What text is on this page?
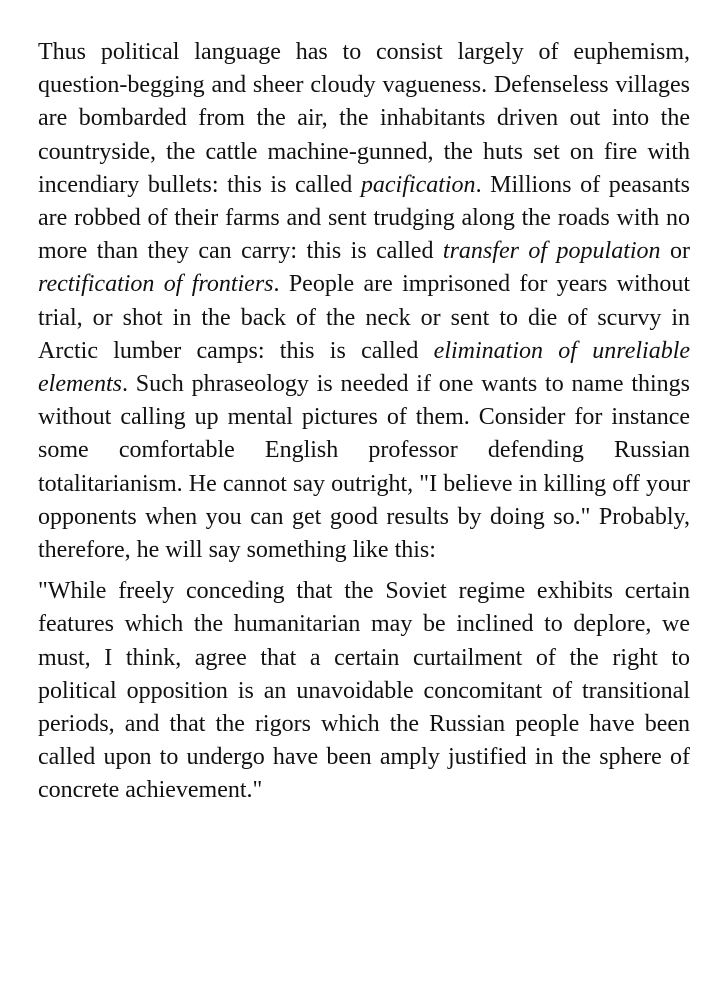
Thus political language has to consist largely of euphemism, question-begging and sheer cloudy vagueness. Defenseless villages are bombarded from the air, the inhabitants driven out into the countryside, the cattle machine-gunned, the huts set on fire with incendiary bullets: this is called pacification. Millions of peasants are robbed of their farms and sent trudging along the roads with no more than they can carry: this is called transfer of population or rectification of frontiers. People are imprisoned for years without trial, or shot in the back of the neck or sent to die of scurvy in Arctic lumber camps: this is called elimination of unreliable elements. Such phraseology is needed if one wants to name things without calling up mental pictures of them. Consider for instance some comfortable English professor defending Russian totalitarianism. He cannot say outright, "I believe in killing off your opponents when you can get good results by doing so." Probably, therefore, he will say something like this:

"While freely conceding that the Soviet regime exhibits certain features which the humanitarian may be inclined to deplore, we must, I think, agree that a certain curtailment of the right to political opposition is an unavoidable concomitant of transitional periods, and that the rigors which the Russian people have been called upon to undergo have been amply justified in the sphere of concrete achievement."
